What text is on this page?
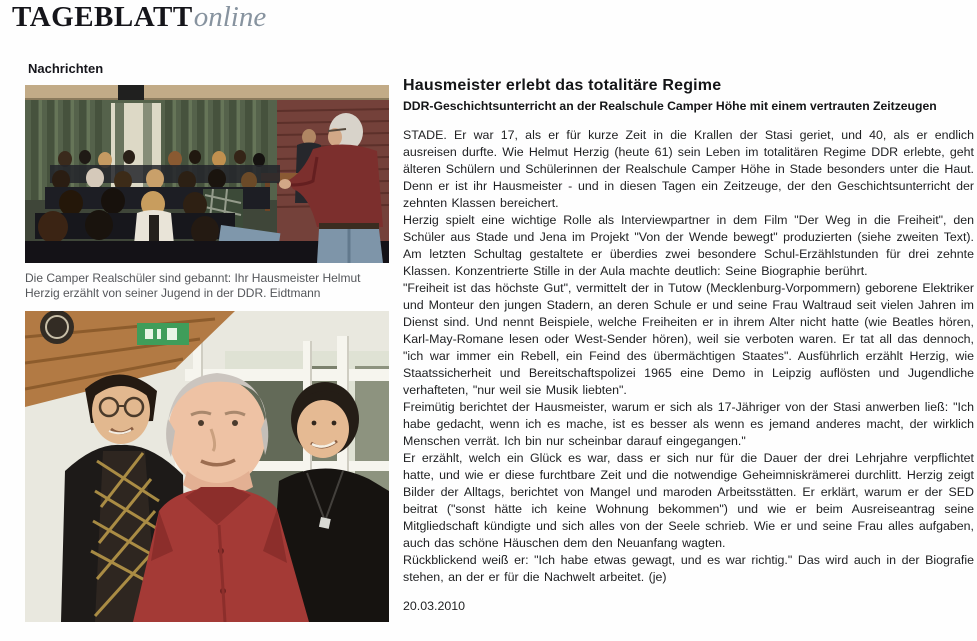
TAGEBLATTonline
Nachrichten
Die Camper Realschüler sind gebannt: Ihr Hausmeister Helmut Herzig erzählt von seiner Jugend in der DDR. Eidtmann
Hausmeister erlebt das totalitäre Regime
DDR-Geschichtsunterricht an der Realschule Camper Höhe mit einem vertrauten Zeitzeugen

STADE. Er war 17, als er für kurze Zeit in die Krallen der Stasi geriet, und 40, als er endlich ausreisen durfte. Wie Helmut Herzig (heute 61) sein Leben im totalitären Regime DDR erlebte, geht älteren Schülern und Schülerinnen der Realschule Camper Höhe in Stade besonders unter die Haut. Denn er ist ihr Hausmeister - und in diesen Tagen ein Zeitzeuge, der den Geschichtsunterricht der zehnten Klassen bereichert.

Herzig spielt eine wichtige Rolle als Interviewpartner in dem Film "Der Weg in die Freiheit", den Schüler aus Stade und Jena im Projekt "Von der Wende bewegt" produzierten (siehe zweiten Text). Am letzten Schultag gestaltete er überdies zwei besondere Schul-Erzählstunden für drei zehnte Klassen. Konzentrierte Stille in der Aula machte deutlich: Seine Biographie berührt.

"Freiheit ist das höchste Gut", vermittelt der in Tutow (Mecklenburg-Vorpommern) geborene Elektriker und Monteur den jungen Stadern, an deren Schule er und seine Frau Waltraud seit vielen Jahren im Dienst sind. Und nennt Beispiele, welche Freiheiten er in ihrem Alter nicht hatte (wie Beatles hören, Karl-May-Romane lesen oder West-Sender hören), weil sie verboten waren. Er tat all das dennoch, "ich war immer ein Rebell, ein Feind des übermächtigen Staates". Ausführlich erzählt Herzig, wie Staatssicherheit und Bereitschaftspolizei 1965 eine Demo in Leipzig auflösten und Jugendliche verhafteten, "nur weil sie Musik liebten".

Freimütig berichtet der Hausmeister, warum er sich als 17-Jähriger von der Stasi anwerben ließ: "Ich habe gedacht, wenn ich es mache, ist es besser als wenn es jemand anderes macht, der wirklich Menschen verrät. Ich bin nur scheinbar darauf eingegangen."

Er erzählt, welch ein Glück es war, dass er sich nur für die Dauer der drei Lehrjahre verpflichtet hatte, und wie er diese furchtbare Zeit und die notwendige Geheimniskrämerei durchlitt. Herzig zeigt Bilder der Alltags, berichtet von Mangel und maroden Arbeitsstätten. Er erklärt, warum er der SED beitrat ("sonst hätte ich keine Wohnung bekommen") und wie er beim Ausreiseantrag seine Mitgliedschaft kündigte und sich alles von der Seele schrieb. Wie er und seine Frau alles aufgaben, auch das schöne Häuschen dem den Neuanfang wagten.

Rückblickend weiß er: "Ich habe etwas gewagt, und es war richtig." Das wird auch in der Biografie stehen, an der er für die Nachwelt arbeitet. (je)

20.03.2010
